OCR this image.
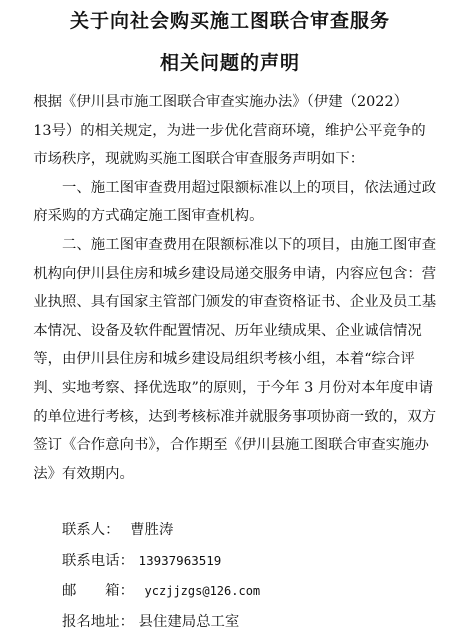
关于向社会购买施工图联合审查服务
相关问题的声明

根据《伊川县市施工图联合审查实施办法》（伊建（2022）
13号）的相关规定，为进一步优化营商环境，维护公平竞争的市场秩序，现就购买施工图联合审查服务声明如下：

一、施工图审查费用超过限额标准以上的项目，依法通过政府采购的方式确定施工图审查机构。

二、施工图审查费用在限额标准以下的项目，由施工图审查机构向伊川县住房和城乡建设局递交服务申请，内容应包含：营业执照、具有国家主管部门颁发的审查资格证书、企业及员工基本情况、设备及软件配置情况、历年业绩成果、企业诚信情况等，由伊川县住房和城乡建设局组织考核小组，本着“综合评判、实地考察、择优选取”的原则，于今年 3 月份对本年度申请的单位进行考核，达到考核标准并就服务事项协商一致的，双方签订《合作意向书》，合作期至《伊川县施工图联合审查实施办法》有效期内。

联系人： 曹胜涛
联系电话： 13937963519
邮　　箱： yczjjzgs@126.com
报名地址： 县住建局总工室
